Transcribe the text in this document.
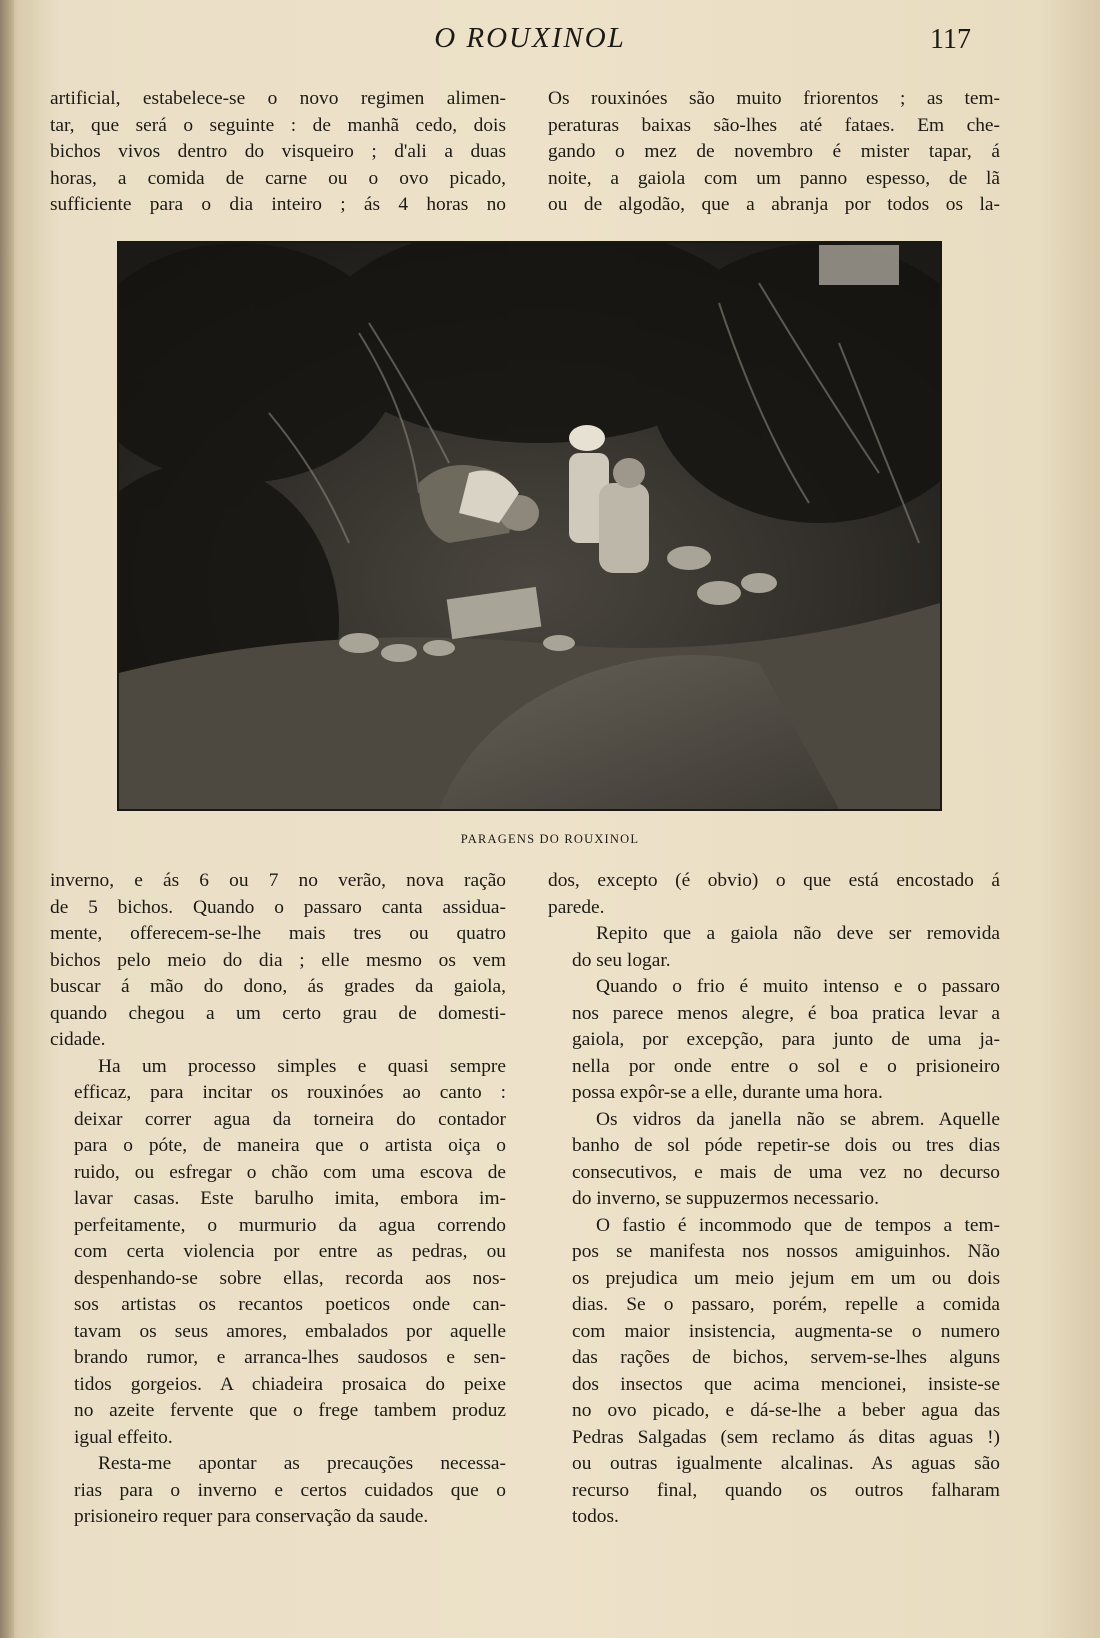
O ROUXINOL	117
artificial, estabelece-se o novo regimen alimen-
tar, que será o seguinte : de manhã cedo, dois
bichos vivos dentro do visqueiro ; d'ali a duas
horas, a comida de carne ou o ovo picado,
sufficiente para o dia inteiro ; ás 4 horas no
Os rouxinóes são muito friorentos ; as tem-
peraturas baixas são-lhes até fataes. Em che-
gando o mez de novembro é mister tapar, á
noite, a gaiola com um panno espesso, de lã
ou de algodão, que a abranja por todos os la-
PARAGENS DO ROUXINOL

inverno, e ás 6 ou 7 no verão, nova ração
de 5 bichos. Quando o passaro canta assidua-
mente, offerecem-se-lhe mais tres ou quatro
bichos pelo meio do dia ; elle mesmo os vem
buscar á mão do dono, ás grades da gaiola,
quando chegou a um certo grau de domesti-
cidade.

Ha um processo simples e quasi sempre
efficaz, para incitar os rouxinóes ao canto :
deixar correr agua da torneira do contador
para o póte, de maneira que o artista oiça o
ruido, ou esfregar o chão com uma escova de
lavar casas. Este barulho imita, embora im-
perfeitamente, o murmurio da agua correndo
com certa violencia por entre as pedras, ou
despenhando-se sobre ellas, recorda aos nos-
sos artistas os recantos poeticos onde can-
tavam os seus amores, embalados por aquelle
brando rumor, e arranca-lhes saudosos e sen-
tidos gorgeios. A chiadeira prosaica do peixe
no azeite fervente que o frege tambem produz
igual effeito.

Resta-me apontar as precauções necessa-
rias para o inverno e certos cuidados que o
prisioneiro requer para conservação da saude.

dos, excepto (é obvio) o que está encostado á
parede.

Repito que a gaiola não deve ser removida
do seu logar.

Quando o frio é muito intenso e o passaro
nos parece menos alegre, é boa pratica levar a
gaiola, por excepção, para junto de uma ja-
nella por onde entre o sol e o prisioneiro
possa expôr-se a elle, durante uma hora.

Os vidros da janella não se abrem. Aquelle
banho de sol póde repetir-se dois ou tres dias
consecutivos, e mais de uma vez no decurso
do inverno, se suppuzermos necessario.

O fastio é incommodo que de tempos a tem-
pos se manifesta nos nossos amiguinhos. Não
os prejudica um meio jejum em um ou dois
dias. Se o passaro, porém, repelle a comida
com maior insistencia, augmenta-se o numero
das rações de bichos, servem-se-lhes alguns
dos insectos que acima mencionei, insiste-se
no ovo picado, e dá-se-lhe a beber agua das
Pedras Salgadas (sem reclamo ás ditas aguas !)
ou outras igualmente alcalinas. As aguas são
recurso final, quando os outros falharam
todos.
